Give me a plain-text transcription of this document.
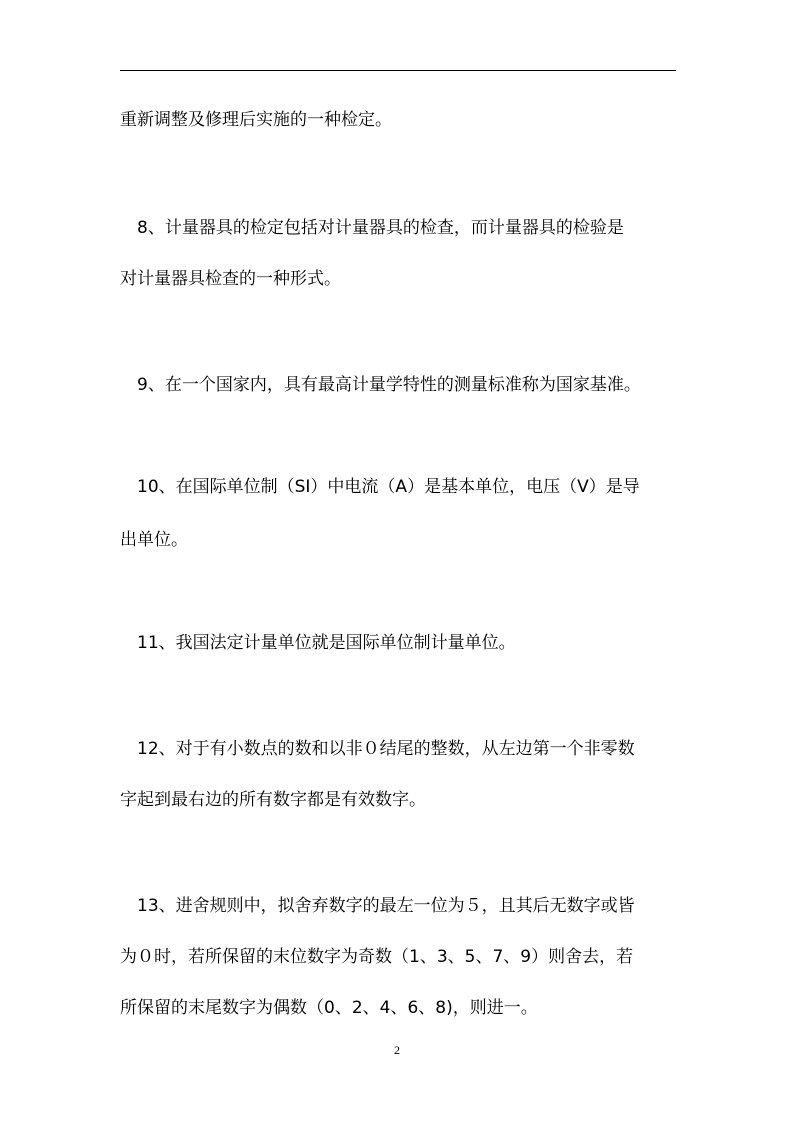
重新调整及修理后实施的一种检定。
8、计量器具的检定包括对计量器具的检查，而计量器具的检验是
对计量器具检查的一种形式。
9、在一个国家内，具有最高计量学特性的测量标准称为国家基准。
10、在国际单位制（SI）中电流（A）是基本单位，电压（V）是导
出单位。
11、我国法定计量单位就是国际单位制计量单位。
12、对于有小数点的数和以非０结尾的整数，从左边第一个非零数
字起到最右边的所有数字都是有效数字。
13、进舍规则中，拟舍弃数字的最左一位为５，且其后无数字或皆
为０时，若所保留的末位数字为奇数（1、3、5、7、9）则舍去，若
所保留的末尾数字为偶数（0、2、4、6、8)，则进一。
2
